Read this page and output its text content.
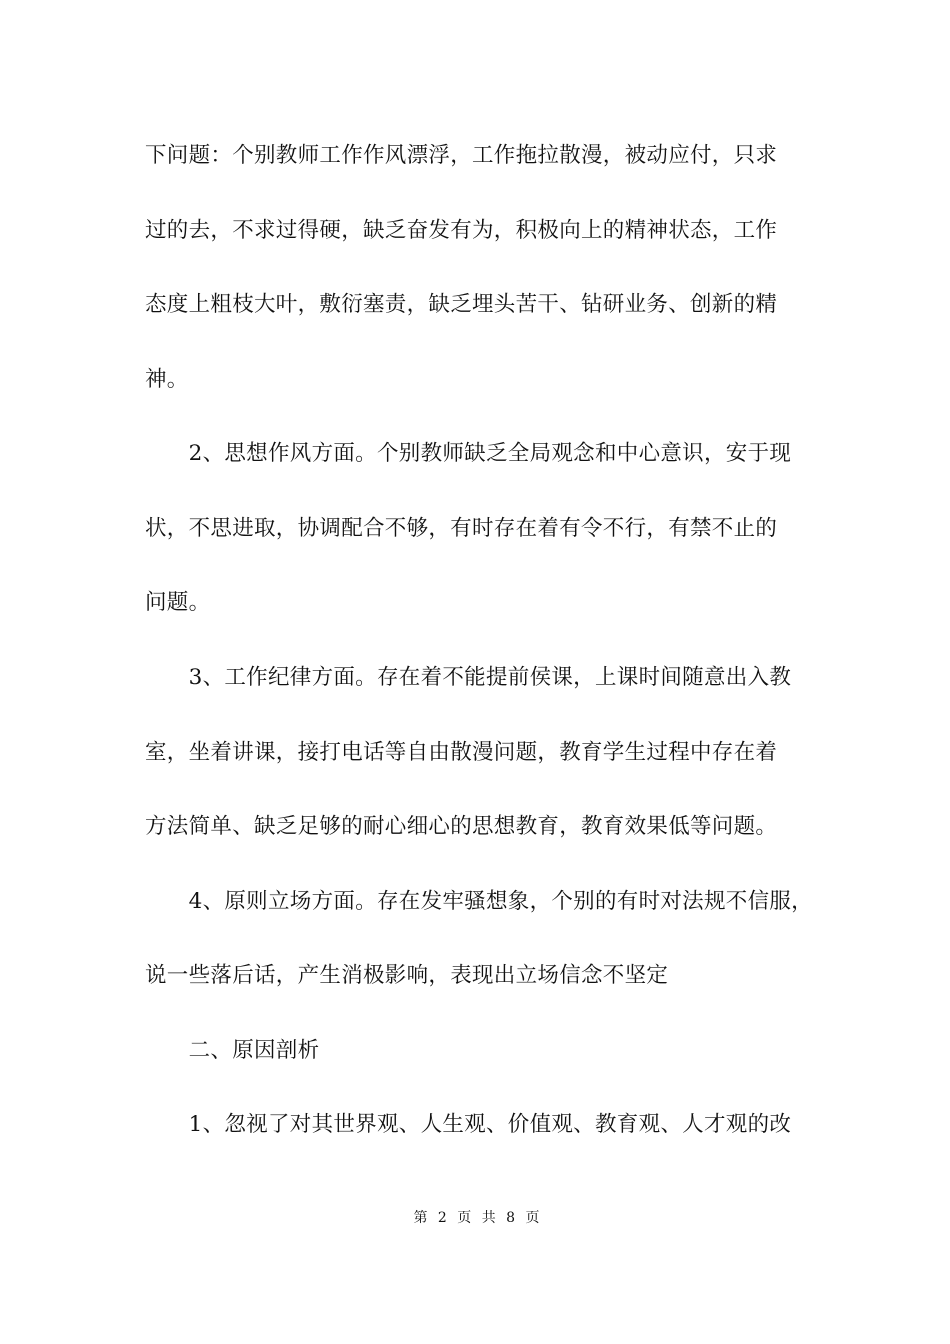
下问题：个别教师工作作风漂浮，工作拖拉散漫，被动应付，只求
过的去，不求过得硬，缺乏奋发有为，积极向上的精神状态，工作
态度上粗枝大叶，敷衍塞责，缺乏埋头苦干、钻研业务、创新的精
神。
　　2、思想作风方面。个别教师缺乏全局观念和中心意识，安于现
状，不思进取，协调配合不够，有时存在着有令不行，有禁不止的
问题。
　　3、工作纪律方面。存在着不能提前侯课，上课时间随意出入教
室，坐着讲课，接打电话等自由散漫问题，教育学生过程中存在着
方法简单、缺乏足够的耐心细心的思想教育，教育效果低等问题。
　　4、原则立场方面。存在发牢骚想象，个别的有时对法规不信服，
说一些落后话，产生消极影响，表现出立场信念不坚定
　　二、原因剖析
　　1、忽视了对其世界观、人生观、价值观、教育观、人才观的改
第 2 页 共 8 页
